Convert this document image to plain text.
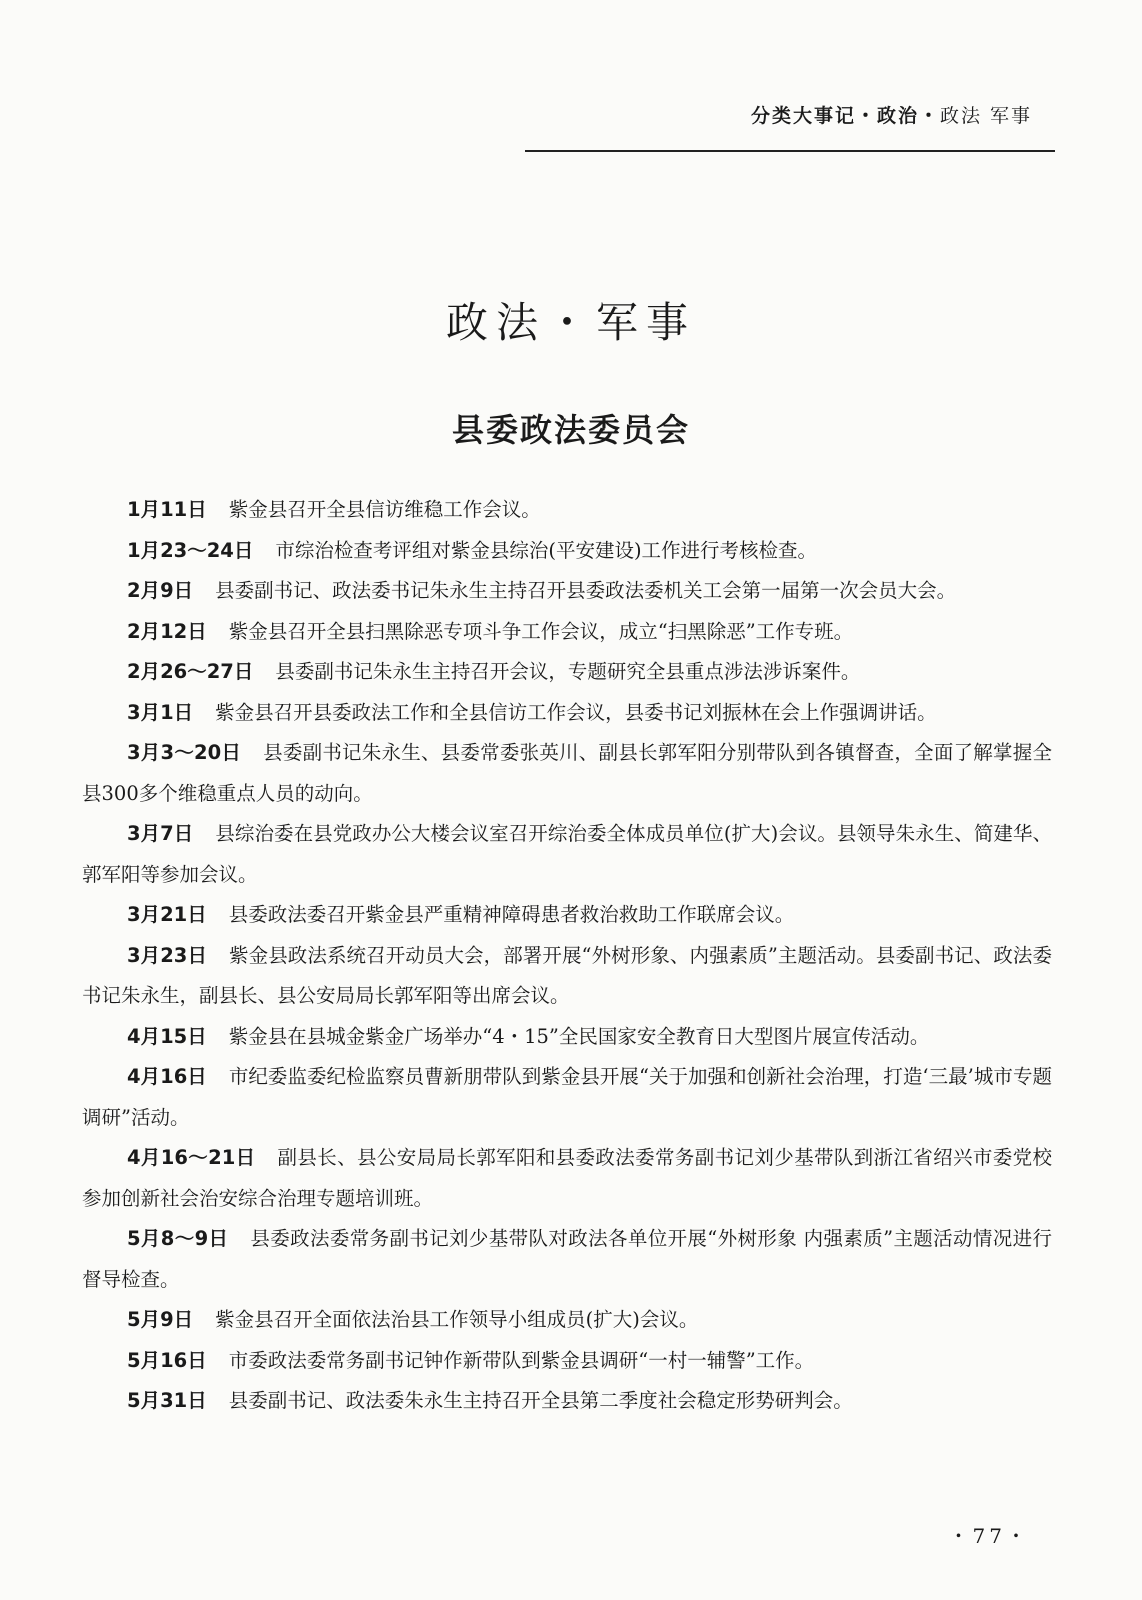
分类大事记・政治・政法 军事
政法・军事
县委政法委员会

1月11日 紫金县召开全县信访维稳工作会议。

1月23～24日 市综治检查考评组对紫金县综治(平安建设)工作进行考核检查。

2月9日 县委副书记、政法委书记朱永生主持召开县委政法委机关工会第一届第一次会员大会。

2月12日 紫金县召开全县扫黑除恶专项斗争工作会议，成立“扫黑除恶”工作专班。

2月26～27日 县委副书记朱永生主持召开会议，专题研究全县重点涉法涉诉案件。

3月1日 紫金县召开县委政法工作和全县信访工作会议，县委书记刘振林在会上作强调讲话。

3月3～20日 县委副书记朱永生、县委常委张英川、副县长郭军阳分别带队到各镇督查，全面了解掌握全县300多个维稳重点人员的动向。

3月7日 县综治委在县党政办公大楼会议室召开综治委全体成员单位(扩大)会议。县领导朱永生、简建华、郭军阳等参加会议。

3月21日 县委政法委召开紫金县严重精神障碍患者救治救助工作联席会议。

3月23日 紫金县政法系统召开动员大会，部署开展“外树形象、内强素质”主题活动。县委副书记、政法委书记朱永生，副县长、县公安局局长郭军阳等出席会议。

4月15日 紫金县在县城金紫金广场举办“4・15”全民国家安全教育日大型图片展宣传活动。

4月16日 市纪委监委纪检监察员曹新朋带队到紫金县开展“关于加强和创新社会治理，打造‘三最’城市专题调研”活动。

4月16～21日 副县长、县公安局局长郭军阳和县委政法委常务副书记刘少基带队到浙江省绍兴市委党校参加创新社会治安综合治理专题培训班。

5月8～9日 县委政法委常务副书记刘少基带队对政法各单位开展“外树形象 内强素质”主题活动情况进行督导检查。

5月9日 紫金县召开全面依法治县工作领导小组成员(扩大)会议。

5月16日 市委政法委常务副书记钟作新带队到紫金县调研“一村一辅警”工作。

5月31日 县委副书记、政法委朱永生主持召开全县第二季度社会稳定形势研判会。

・77・
